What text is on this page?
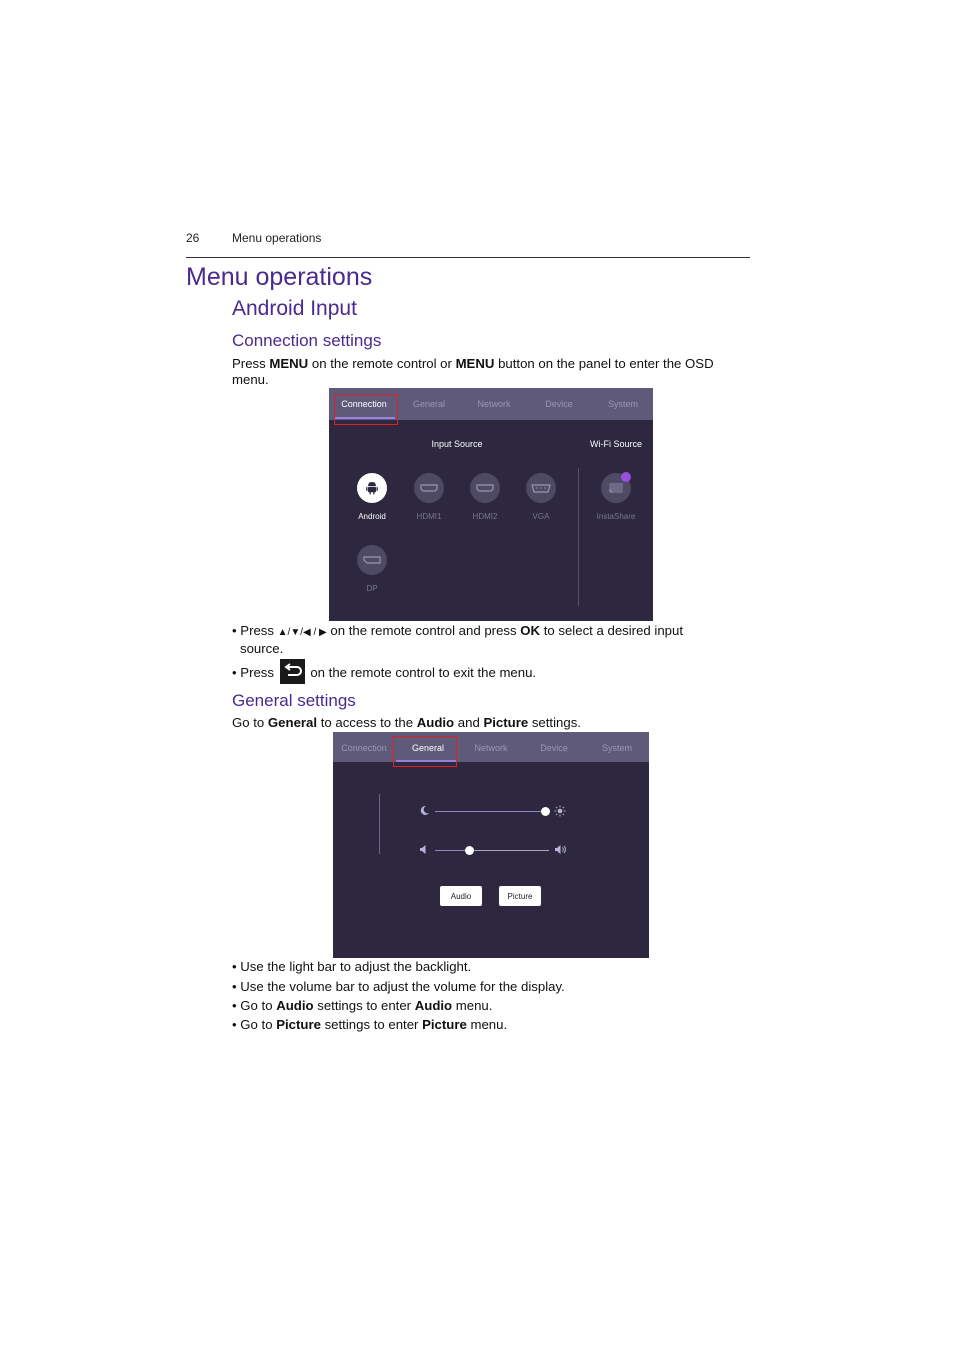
26	Menu operations
Menu operations
Android Input
Connection settings
Press MENU on the remote control or MENU button on the panel to enter the OSD
menu.
Connection	General	Network	Device	System
Input Source	Wi-Fi Source
Android	HDMI1	HDMI2	VGA	InstaShare
DP
• Press ▲/▼/◀ / ▶ on the remote control and press OK to select a desired input
source.
• Press  on the remote control to exit the menu.
General settings
Go to General to access to the Audio and Picture settings.
Connection	General	Network	Device	System
Audio	Picture
• Use the light bar to adjust the backlight.
• Use the volume bar to adjust the volume for the display.
• Go to Audio settings to enter Audio menu.
• Go to Picture settings to enter Picture menu.
